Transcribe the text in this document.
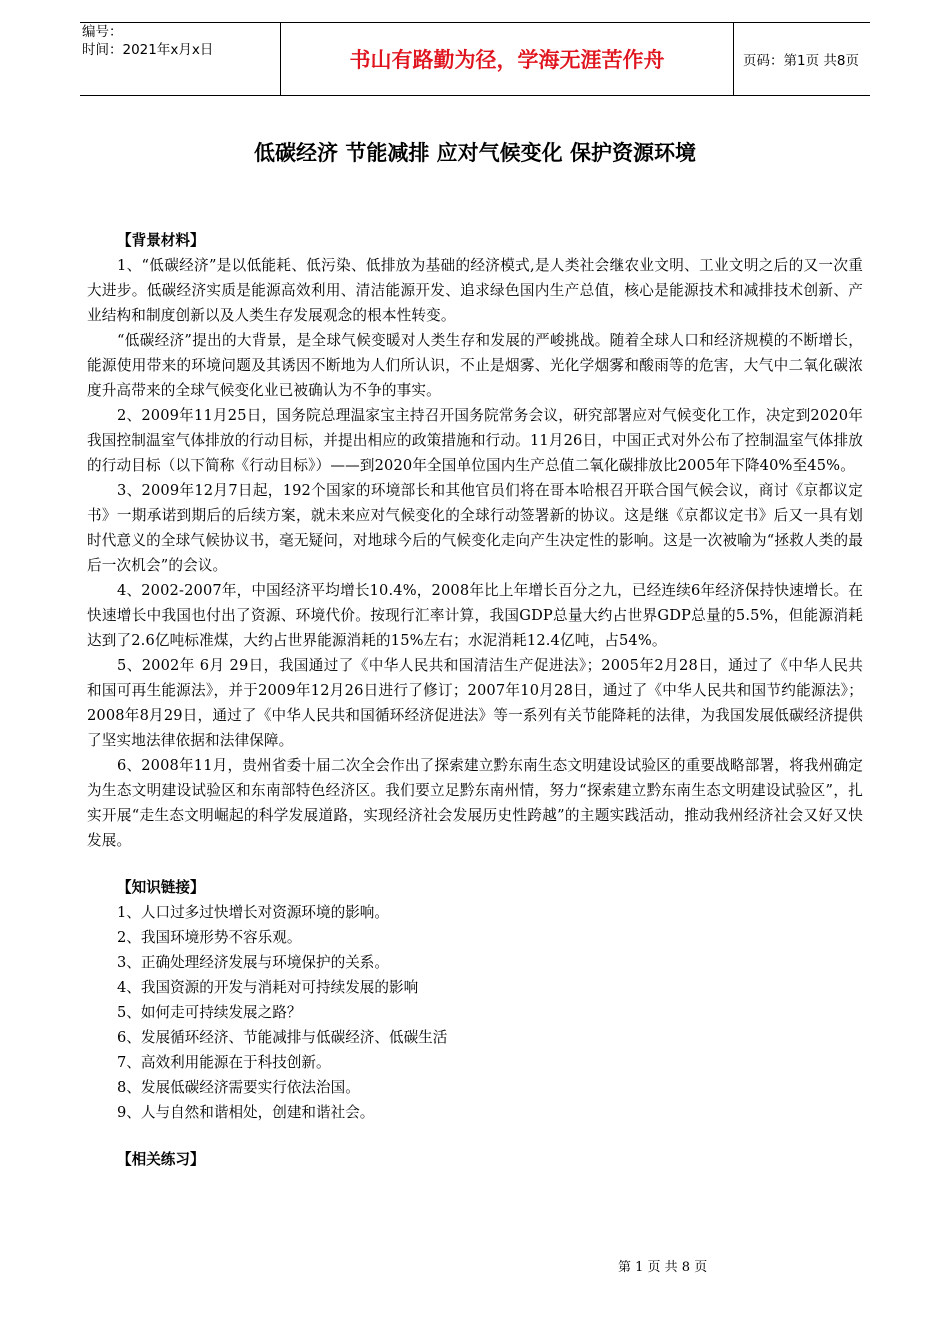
编号：
时间：2021年x月x日	书山有路勤为径，学海无涯苦作舟	页码：第1页 共8页
低碳经济 节能减排 应对气候变化 保护资源环境
【背景材料】

1、“低碳经济”是以低能耗、低污染、低排放为基础的经济模式,是人类社会继农业文明、工业文明之后的又一次重大进步。低碳经济实质是能源高效利用、清洁能源开发、追求绿色国内生产总值，核心是能源技术和减排技术创新、产业结构和制度创新以及人类生存发展观念的根本性转变。

“低碳经济”提出的大背景，是全球气候变暖对人类生存和发展的严峻挑战。随着全球人口和经济规模的不断增长，能源使用带来的环境问题及其诱因不断地为人们所认识，不止是烟雾、光化学烟雾和酸雨等的危害，大气中二氧化碳浓度升高带来的全球气候变化业已被确认为不争的事实。

2、2009年11月25日，国务院总理温家宝主持召开国务院常务会议，研究部署应对气候变化工作，决定到2020年我国控制温室气体排放的行动目标，并提出相应的政策措施和行动。11月26日，中国正式对外公布了控制温室气体排放的行动目标（以下简称《行动目标》）——到2020年全国单位国内生产总值二氧化碳排放比2005年下降40%至45%。

3、2009年12月7日起，192个国家的环境部长和其他官员们将在哥本哈根召开联合国气候会议，商讨《京都议定书》一期承诺到期后的后续方案，就未来应对气候变化的全球行动签署新的协议。这是继《京都议定书》后又一具有划时代意义的全球气候协议书，毫无疑问，对地球今后的气候变化走向产生决定性的影响。这是一次被喻为“拯救人类的最后一次机会”的会议。

4、2002-2007年，中国经济平均增长10.4%，2008年比上年增长百分之九，已经连续6年经济保持快速增长。在快速增长中我国也付出了资源、环境代价。按现行汇率计算，我国GDP总量大约占世界GDP总量的5.5%，但能源消耗达到了2.6亿吨标准煤，大约占世界能源消耗的15%左右；水泥消耗12.4亿吨，占54%。

5、2002年 6月 29日，我国通过了《中华人民共和国清洁生产促进法》；2005年2月28日，通过了《中华人民共和国可再生能源法》，并于2009年12月26日进行了修订；2007年10月28日，通过了《中华人民共和国节约能源法》；2008年8月29日，通过了《中华人民共和国循环经济促进法》等一系列有关节能降耗的法律，为我国发展低碳经济提供了坚实地法律依据和法律保障。

6、2008年11月，贵州省委十届二次全会作出了探索建立黔东南生态文明建设试验区的重要战略部署，将我州确定为生态文明建设试验区和东南部特色经济区。我们要立足黔东南州情，努力“探索建立黔东南生态文明建设试验区”，扎实开展“走生态文明崛起的科学发展道路，实现经济社会发展历史性跨越”的主题实践活动，推动我州经济社会又好又快发展。

【知识链接】
1、人口过多过快增长对资源环境的影响。
2、我国环境形势不容乐观。
3、正确处理经济发展与环境保护的关系。
4、我国资源的开发与消耗对可持续发展的影响
5、如何走可持续发展之路？
6、发展循环经济、节能减排与低碳经济、低碳生活
7、高效利用能源在于科技创新。
8、发展低碳经济需要实行依法治国。
9、人与自然和谐相处，创建和谐社会。
【相关练习】
第 1 页 共 8 页
